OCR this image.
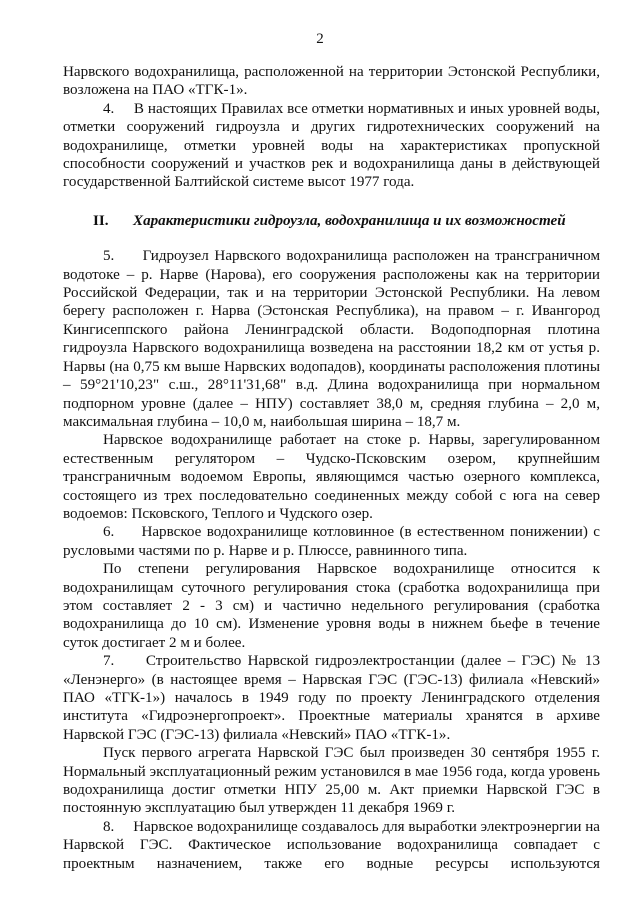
2

Нарвского водохранилища, расположенной на территории Эстонской Республики, возложена на ПАО «ТГК-1».

4.     В настоящих Правилах все отметки нормативных и иных уровней воды, отметки сооружений гидроузла и других гидротехнических сооружений на водохранилище, отметки уровней воды на характеристиках пропускной способности сооружений и участков рек и водохранилища даны в действующей государственной Балтийской системе высот 1977 года.

II.	Характеристики гидроузла, водохранилища и их возможностей

5.     Гидроузел Нарвского водохранилища расположен на трансграничном водотоке – р. Нарве (Нарова), его сооружения расположены как на территории Российской Федерации, так и на территории Эстонской Республики. На левом берегу расположен г. Нарва (Эстонская Республика), на правом – г. Ивангород Кингисеппского района Ленинградской области. Водоподпорная плотина гидроузла Нарвского водохранилища возведена на расстоянии 18,2 км от устья р. Нарвы (на 0,75 км выше Нарвских водопадов), координаты расположения плотины – 59°21'10,23" с.ш., 28°11'31,68" в.д. Длина водохранилища при нормальном подпорном уровне (далее – НПУ) составляет 38,0 м, средняя глубина – 2,0 м, максимальная глубина – 10,0 м, наибольшая ширина – 18,7 м.

Нарвское водохранилище работает на стоке р. Нарвы, зарегулированном естественным регулятором – Чудско-Псковским озером, крупнейшим трансграничным водоемом Европы, являющимся частью озерного комплекса, состоящего из трех последовательно соединенных между собой с юга на север водоемов: Псковского, Теплого и Чудского озер.

6.     Нарвское водохранилище котловинное (в естественном понижении) с русловыми частями по р. Нарве и р. Плюссе, равнинного типа.

По степени регулирования Нарвское водохранилище относится к водохранилищам суточного регулирования стока (сработка водохранилища при этом составляет 2 - 3 см) и частично недельного регулирования (сработка водохранилища до 10 см). Изменение уровня воды в нижнем бьефе в течение суток достигает 2 м и более.

7.     Строительство Нарвской гидроэлектростанции (далее – ГЭС) № 13 «Ленэнерго» (в настоящее время – Нарвская ГЭС (ГЭС-13) филиала «Невский» ПАО «ТГК-1») началось в 1949 году по проекту Ленинградского отделения института «Гидроэнергопроект». Проектные материалы хранятся в архиве Нарвской ГЭС (ГЭС-13) филиала «Невский» ПАО «ТГК-1».

Пуск первого агрегата Нарвской ГЭС был произведен 30 сентября 1955 г. Нормальный эксплуатационный режим установился в мае 1956 года, когда уровень водохранилища достиг отметки НПУ 25,00 м. Акт приемки Нарвской ГЭС в постоянную эксплуатацию был утвержден 11 декабря 1969 г.

8.     Нарвское водохранилище создавалось для выработки электроэнергии на Нарвской ГЭС. Фактическое использование водохранилища совпадает с проектным назначением, также его водные ресурсы используются
